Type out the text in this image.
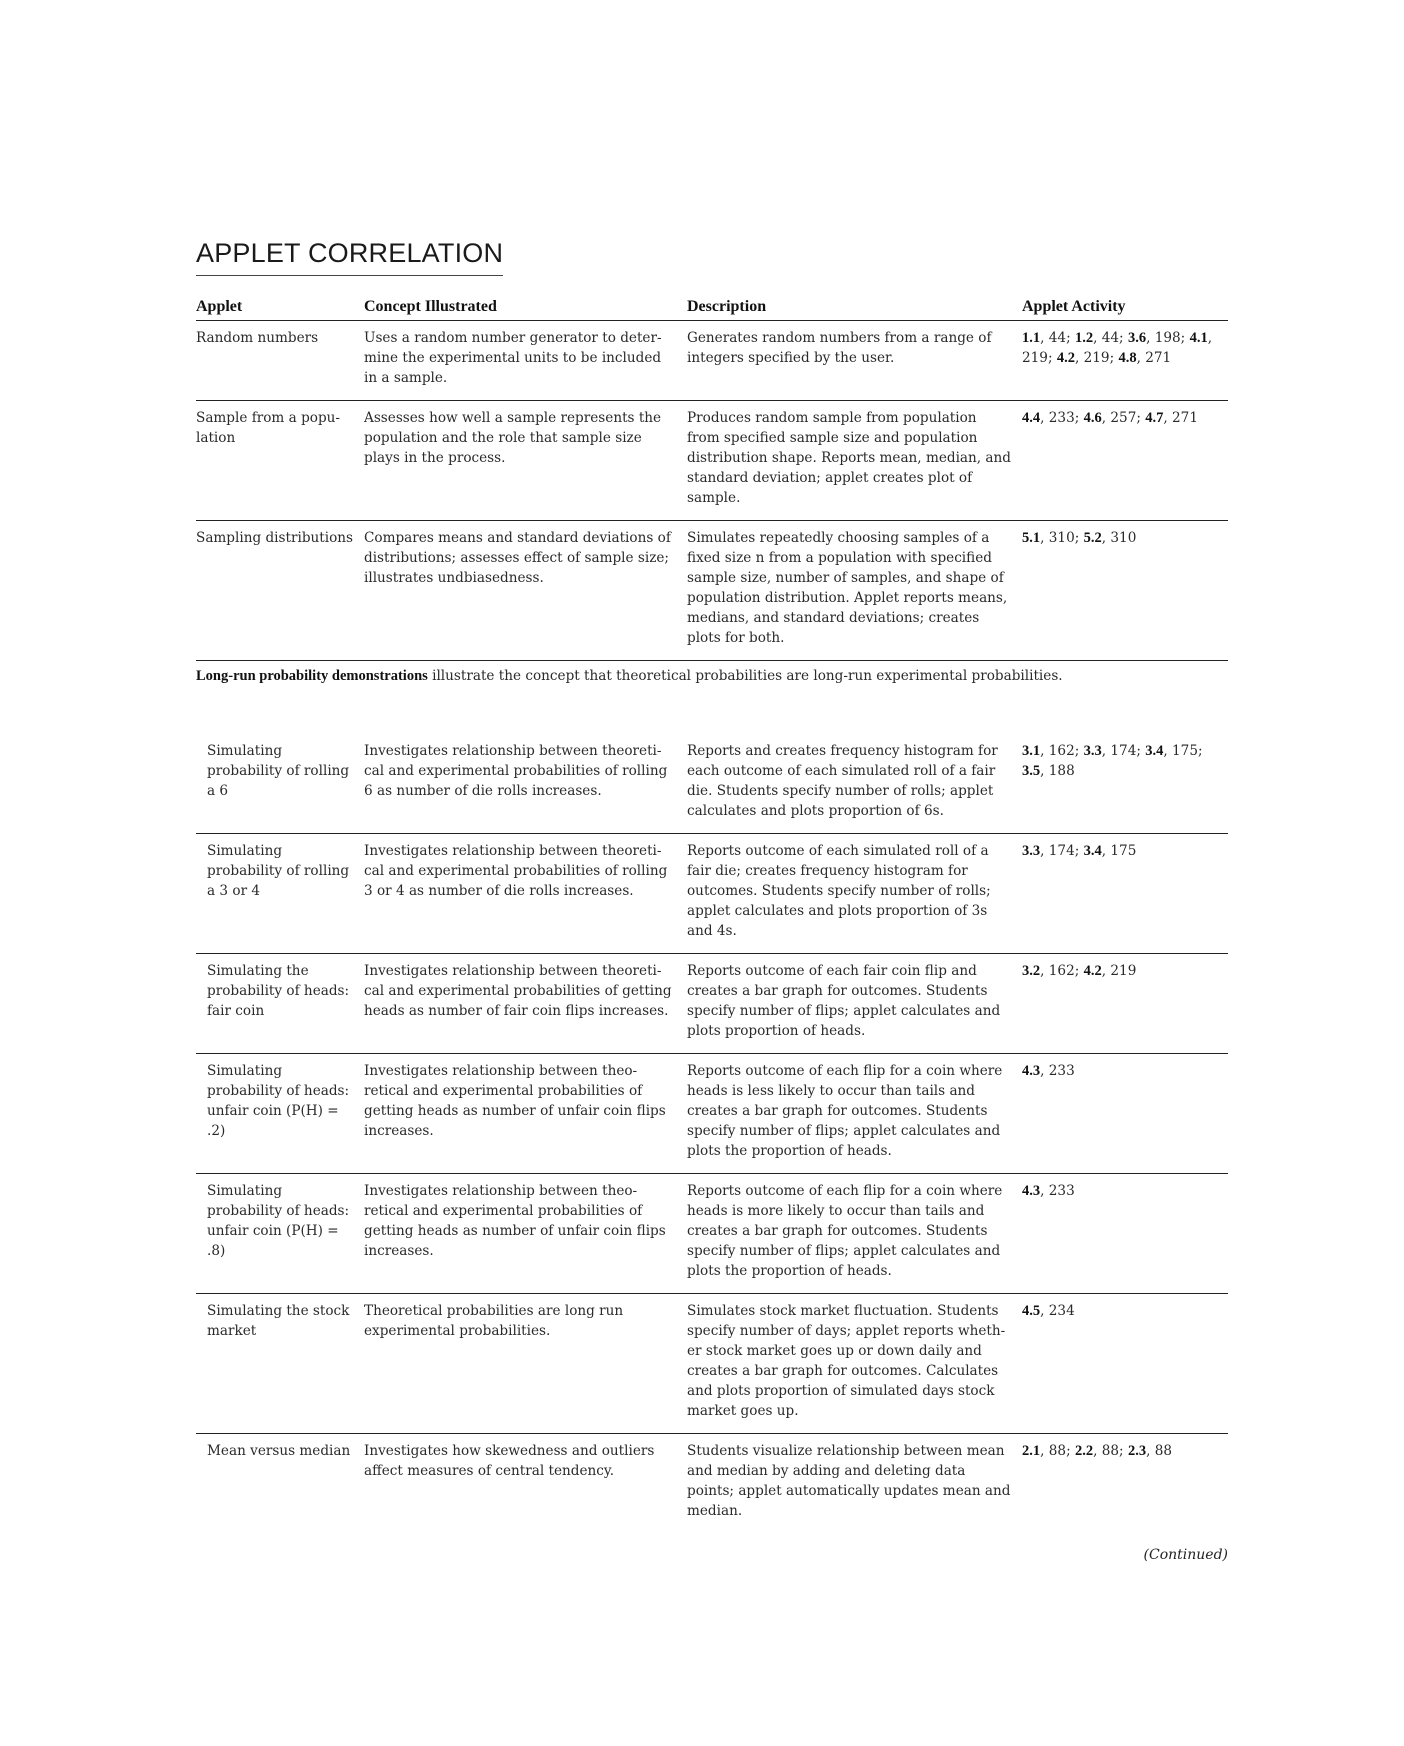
APPLET CORRELATION
Applet	Concept Illustrated	Description	Applet Activity
Random numbers	Uses a random number generator to deter-mine the experimental units to be included in a sample.	Generates random numbers from a range of integers specified by the user.	1.1, 44; 1.2, 44; 3.6, 198; 4.1, 219; 4.2, 219; 4.8, 271
Sample from a popu-lation	Assesses how well a sample represents the population and the role that sample size plays in the process.	Produces random sample from population from specified sample size and population distribution shape. Reports mean, median, and standard deviation; applet creates plot of sample.	4.4, 233; 4.6, 257; 4.7, 271
Sampling distributions	Compares means and standard deviations of distributions; assesses effect of sample size; illustrates undbiasedness.	Simulates repeatedly choosing samples of a fixed size n from a population with specified sample size, number of samples, and shape of population distribution. Applet reports means, medians, and standard deviations; creates plots for both.	5.1, 310; 5.2, 310
Long-run probability demonstrations illustrate the concept that theoretical probabilities are long-run experimental probabilities.			
Simulating probability of rolling a 6	Investigates relationship between theoreti-cal and experimental probabilities of rolling 6 as number of die rolls increases.	Reports and creates frequency histogram for each outcome of each simulated roll of a fair die. Students specify number of rolls; applet calculates and plots proportion of 6s.	3.1, 162; 3.3, 174; 3.4, 175; 3.5, 188
Simulating probability of rolling a 3 or 4	Investigates relationship between theoreti-cal and experimental probabilities of rolling 3 or 4 as number of die rolls increases.	Reports outcome of each simulated roll of a fair die; creates frequency histogram for outcomes. Students specify number of rolls; applet calculates and plots proportion of 3s and 4s.	3.3, 174; 3.4, 175
Simulating the probability of heads: fair coin	Investigates relationship between theoreti-cal and experimental probabilities of getting heads as number of fair coin flips increases.	Reports outcome of each fair coin flip and creates a bar graph for outcomes. Students specify number of flips; applet calculates and plots proportion of heads.	3.2, 162; 4.2, 219
Simulating probability of heads: unfair coin (P(H) = .2)	Investigates relationship between theo-retical and experimental probabilities of getting heads as number of unfair coin flips increases.	Reports outcome of each flip for a coin where heads is less likely to occur than tails and creates a bar graph for outcomes. Students specify number of flips; applet calculates and plots the proportion of heads.	4.3, 233
Simulating probability of heads: unfair coin (P(H) = .8)	Investigates relationship between theo-retical and experimental probabilities of getting heads as number of unfair coin flips increases.	Reports outcome of each flip for a coin where heads is more likely to occur than tails and creates a bar graph for outcomes. Students specify number of flips; applet calculates and plots the proportion of heads.	4.3, 233
Simulating the stock market	Theoretical probabilities are long run experimental probabilities.	Simulates stock market fluctuation. Students specify number of days; applet reports wheth-er stock market goes up or down daily and creates a bar graph for outcomes. Calculates and plots proportion of simulated days stock market goes up.	4.5, 234
Mean versus median	Investigates how skewedness and outliers affect measures of central tendency.	Students visualize relationship between mean and median by adding and deleting data points; applet automatically updates mean and median.	2.1, 88; 2.2, 88; 2.3, 88
(Continued)
